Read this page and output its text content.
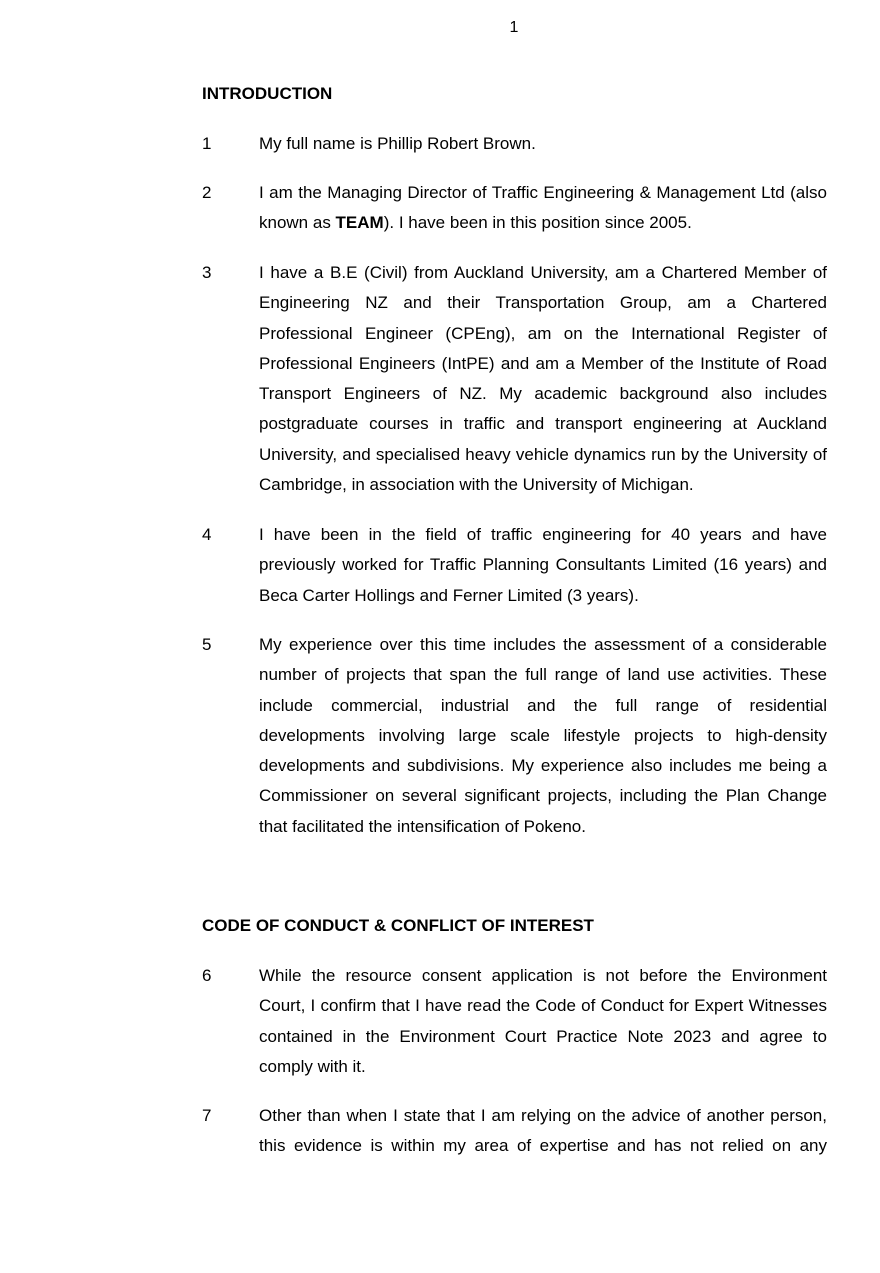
1
INTRODUCTION
1	My full name is Phillip Robert Brown.
2	I am the Managing Director of Traffic Engineering & Management Ltd (also known as TEAM). I have been in this position since 2005.
3	I have a B.E (Civil) from Auckland University, am a Chartered Member of Engineering NZ and their Transportation Group, am a Chartered Professional Engineer (CPEng), am on the International Register of Professional Engineers (IntPE) and am a Member of the Institute of Road Transport Engineers of NZ. My academic background also includes postgraduate courses in traffic and transport engineering at Auckland University, and specialised heavy vehicle dynamics run by the University of Cambridge, in association with the University of Michigan.
4	I have been in the field of traffic engineering for 40 years and have previously worked for Traffic Planning Consultants Limited (16 years) and Beca Carter Hollings and Ferner Limited (3 years).
5	My experience over this time includes the assessment of a considerable number of projects that span the full range of land use activities. These include commercial, industrial and the full range of residential developments involving large scale lifestyle projects to high-density developments and subdivisions. My experience also includes me being a Commissioner on several significant projects, including the Plan Change that facilitated the intensification of Pokeno.
CODE OF CONDUCT & CONFLICT OF INTEREST
6	While the resource consent application is not before the Environment Court, I confirm that I have read the Code of Conduct for Expert Witnesses contained in the Environment Court Practice Note 2023 and agree to comply with it.
7	Other than when I state that I am relying on the advice of another person, this evidence is within my area of expertise and has not relied on any
